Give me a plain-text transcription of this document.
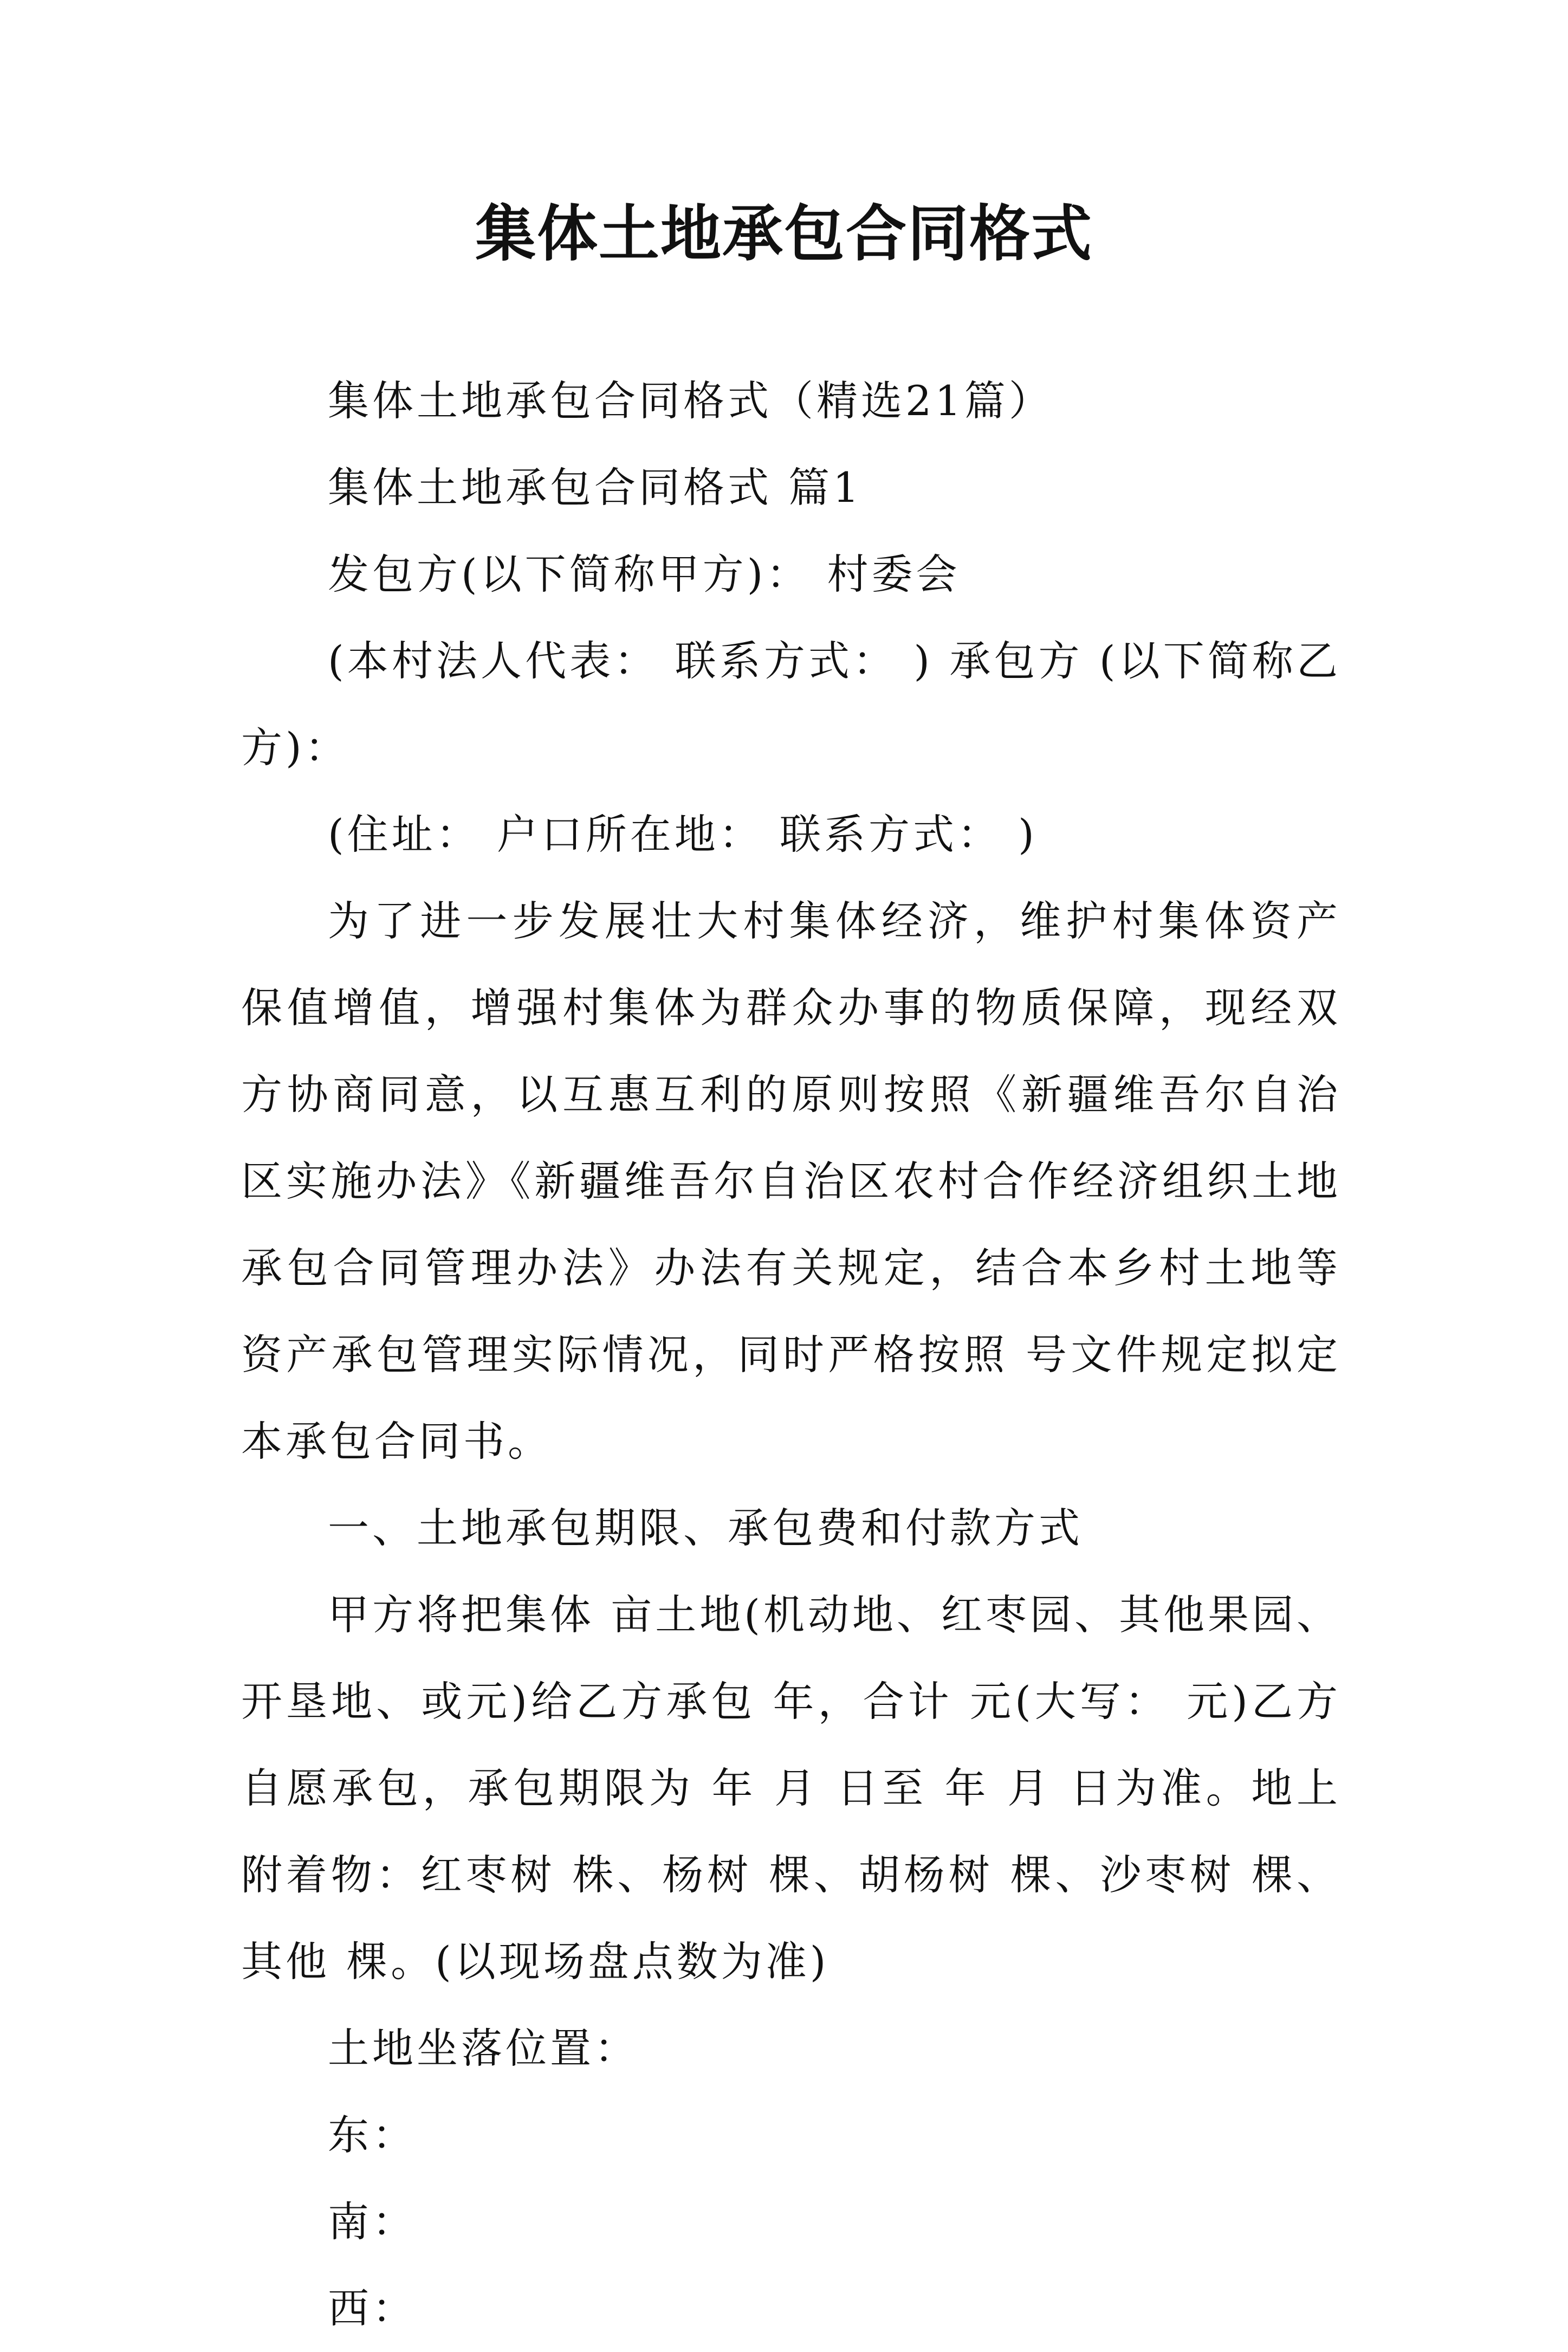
集体土地承包合同格式

集体土地承包合同格式（精选21篇）

集体土地承包合同格式 篇1

发包方(以下简称甲方)： 村委会

(本村法人代表： 联系方式： ) 承包方 (以下简称乙方)：

(住址： 户口所在地： 联系方式： )

为了进一步发展壮大村集体经济，维护村集体资产保值增值，增强村集体为群众办事的物质保障，现经双方协商同意，以互惠互利的原则按照《新疆维吾尔自治区实施办法》《新疆维吾尔自治区农村合作经济组织土地承包合同管理办法》办法有关规定，结合本乡村土地等资产承包管理实际情况，同时严格按照 号文件规定拟定本承包合同书。

一、土地承包期限、承包费和付款方式

甲方将把集体 亩土地(机动地、红枣园、其他果园、开垦地、或元)给乙方承包 年，合计 元(大写： 元)乙方自愿承包，承包期限为 年 月 日至 年 月 日为准。地上附着物：红枣树 株、杨树 棵、胡杨树 棵、沙枣树 棵、其他 棵。(以现场盘点数为准)

土地坐落位置：

东：

南：

西：
